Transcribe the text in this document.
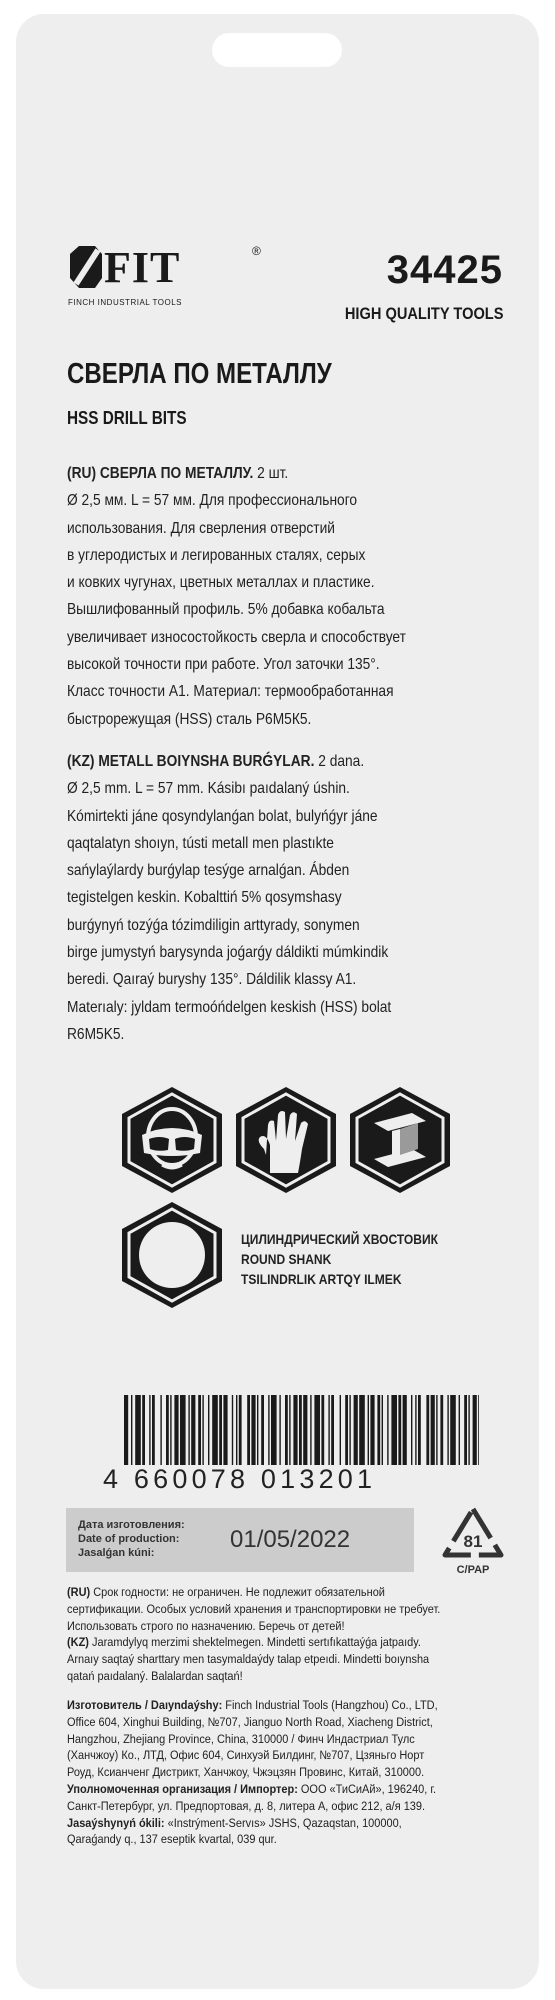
FIT	®
FINCH INDUSTRIAL TOOLS
34425
HIGH QUALITY TOOLS
СВЕРЛА ПО МЕТАЛЛУ
HSS DRILL BITS
(RU) СВЕРЛА ПО МЕТАЛЛУ. 2 шт.
Ø 2,5 мм. L = 57 мм. Для профессионального
использования. Для сверления отверстий
в углеродистых и легированных сталях, серых
и ковких чугунах, цветных металлах и пластике.
Вышлифованный профиль. 5% добавка кобальта
увеличивает износостойкость сверла и способствует
высокой точности при работе. Угол заточки 135°.
Класс точности А1. Материал: термообработанная
быстрорежущая (HSS) сталь Р6М5К5.
(KZ) METALL BOIYNSHA BURǴYLAR. 2 dana.
Ø 2,5 mm. L = 57 mm. Kásibı paıdalaný úshin.
Kómirtekti jáne qosyndylanǵan bolat, bulyńǵyr jáne
qaqtalatyn shoıyn, tústi metall men plastıkte
sańylaýlardy burǵylap tesýge arnalǵan. Ábden
tegistelgen keskin. Kobalttiń 5% qosymshasy
burǵynyń tozýǵa tózimdiligin arttyrady, sonymen
birge jumystyń barysynda joǵarǵy dáldikti múmkindik
beredi. Qaıraý buryshy 135°. Dáldilik klassy A1.
Materıaly: jyldam termoóńdelgen keskish (HSS) bolat
R6M5K5.
ЦИЛИНДРИЧЕСКИЙ ХВОСТОВИК
ROUND SHANK
TSILINDRLIK ARTQY ILMEK
4 660078 013201
Дата изготовления:
Date of production:
Jasalǵan kúni:	01/05/2022	81
C/PAP
(RU) Срок годности: не ограничен. Не подлежит обязательной
сертификации. Особых условий хранения и транспортировки не требует.
Использовать строго по назначению. Беречь от детей!
(KZ) Jaramdylyq merzimi shektelmegen. Mindetti sertıfıkattaýǵa jatpaıdy.
Arnaıy saqtaý sharttary men tasymaldaýdy talap etpeıdi. Mindetti boıynsha
qatań paıdalaný. Balalardan saqtań!
Изготовитель / Daıyndaýshy: Finch Industrial Tools (Hangzhou) Co., LTD,
Office 604, Xinghui Building, №707, Jianguo North Road, Xiacheng District,
Hangzhou, Zhejiang Province, China, 310000 / Финч Индастриал Тулс
(Ханчжоу) Ко., ЛТД, Офис 604, Синхуэй Билдинг, №707, Цзяньго Норт
Роуд, Ксианченг Дистрикт, Ханчжоу, Чжэцзян Провинс, Китай, 310000.
Уполномоченная организация / Импортер: ООО «ТиСиАй», 196240, г.
Санкт-Петербург, ул. Предпортовая, д. 8, литера А, офис 212, а/я 139.
Jasaýshynyń ókili: «Instrýment-Servıs» JSHS, Qazaqstan, 100000,
Qaraǵandy q., 137 eseptik kvartal, 039 qur.
